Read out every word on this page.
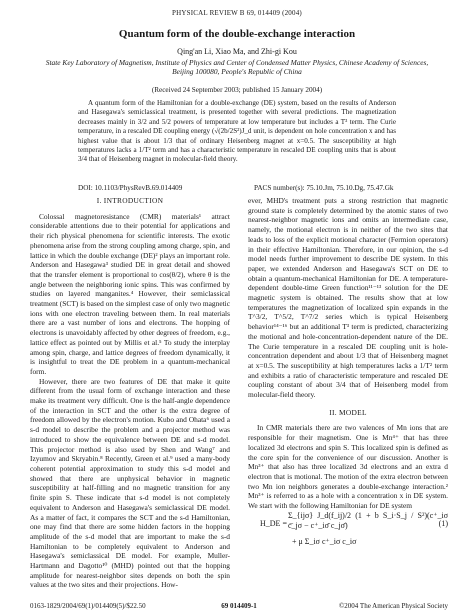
PHYSICAL REVIEW B 69, 014409 (2004)
Quantum form of the double-exchange interaction
Qing'an Li, Xiao Ma, and Zhi-gi Kou
State Key Laboratory of Magnetism, Institute of Physics and Center of Condensed Matter Physics, Chinese Academy of Sciences,
Beijing 100080, People's Republic of China
(Received 24 September 2003; published 15 January 2004)
A quantum form of the Hamiltonian for a double-exchange (DE) system, based on the results of Anderson and Hasegawa's semiclassical treatment, is presented together with several predictions. The magnetization decreases mainly in 3/2 and 5/2 powers of temperature at low temperature but includes a T³ term. The Curie temperature, in a rescaled DE coupling energy (√(2b/2S²)J_d unit, is dependent on hole concentration x and has highest value that is about 1/3 that of ordinary Heisenberg magnet at x=0.5. The susceptibility at high temperatures lacks a 1/T² term and has a characteristic temperature in rescaled DE coupling units that is about 3/4 that of Heisenberg magnet in molecular-field theory.
DOI: 10.1103/PhysRevB.69.014409	PACS number(s): 75.10.Jm, 75.10.Dg, 75.47.Gk
I. INTRODUCTION

Colossal magnetoresistance (CMR) materials¹ attract considerable attentions due to their potential for applications and their rich physical phenomena for scientific interests. The exotic phenomena arise from the strong coupling among charge, spin, and lattice in which the double exchange (DE)² plays an important role. Anderson and Hasegawa³ studied DE in great detail and showed that the transfer element is proportional to cos(θ/2), where θ is the angle between the neighboring ionic spins. This was confirmed by studies on layered manganites.⁴ However, their semiclassical treatment (SCT) is based on the simplest case of only two magnetic ions with one electron traveling between them. In real materials there are a vast number of ions and electrons. The hopping of electrons is unavoidably affected by other degrees of freedom, e.g., lattice effect as pointed out by Millis et al.⁵ To study the interplay among spin, charge, and lattice degrees of freedom dynamically, it is insightful to treat the DE problem in a quantum-mechanical form.

However, there are two features of DE that make it quite different from the usual form of exchange interaction and these make its treatment very difficult. One is the half-angle dependence of the interaction in SCT and the other is the extra degree of freedom allowed by the electron's motion. Kubo and Ohata⁶ used a s-d model to describe the problem and a projector method was introduced to show the equivalence between DE and s-d model. This projector method is also used by Shen and Wang⁷ and Izyumov and Skryabin.⁸ Recently, Green et al.⁹ used a many-body coherent potential approximation to study this s-d model and showed that there are unphysical behavior in magnetic susceptibility at half-filling and no magnetic transition for any finite spin S. These indicate that s-d model is not completely equivalent to Anderson and Hasegawa's semiclassical DE model. As a matter of fact, it compares the SCT and the s-d Hamiltonian, one may find that there are some hidden factors in the hopping amplitude of the s-d model that are important to make the s-d Hamiltonian to be completely equivalent to Anderson and Hasegawa's semiclassical DE model. For example, Muller-Hartmann and Dagotto¹⁰ (MHD) pointed out that the hopping amplitude for nearest-neighbor sites depends on both the spin values at the two sites and their projections. How-

ever, MHD's treatment puts a strong restriction that magnetic ground state is completely determined by the atomic states of two nearest-neighbor magnetic ions and omits an intermediate case, namely, the motional electron is in neither of the two sites that leads to loss of the explicit motional character (Fermion operators) in their effective Hamiltonian. Therefore, in our opinion, the s-d model needs further improvement to describe DE system. In this paper, we extended Anderson and Hasegawa's SCT on DE to obtain a quantum-mechanical Hamiltonian for DE. A temperature-dependent double-time Green function¹¹⁻¹³ solution for the DE magnetic system is obtained. The results show that at low temperatures the magnetization of localized spin expands in the T^3/2, T^5/2, T^7/2 series which is typical Heisenberg behavior¹⁴⁻¹⁶ but an additional T³ term is predicted, characterizing the motional and hole-concentration-dependent nature of the DE. The Curie temperature in a rescaled DE coupling unit is hole-concentration dependent and about 1/3 that of Heisenberg magnet at x=0.5. The susceptibility at high temperatures lacks a 1/T² term and exhibits a ratio of characteristic temperature and rescaled DE coupling constant of about 3/4 that of Heisenberg model from molecular-field theory.

II. MODEL

In CMR materials there are two valences of Mn ions that are responsible for their magnetism. One is Mn⁴⁺ that has three localized 3d electrons and spin S. This localized spin is defined as the core spin for the convenience of our discussion. Another is Mn³⁺ that also has three localized 3d electrons and an extra d electron that is motional. The motion of the extra electron between two Mn ion neighbors generates a double-exchange interaction.² Mn³⁺ is referred to as a hole with a concentration x in DE system. We start with the following Hamiltonian for DE system

H_DE = −
Σ_{ijσ} J_d(f_ij)/2 (1 + b S_i·S_j / S²)(c⁺_iσ c_jσ − c⁺_iσ̄ c_jσ̄)	(1)
+ μ Σ_iσ c⁺_iσ c_iσ
0163-1829/2004/69(1)/014409(5)/$22.50	69 014409-1	©2004 The American Physical Society
